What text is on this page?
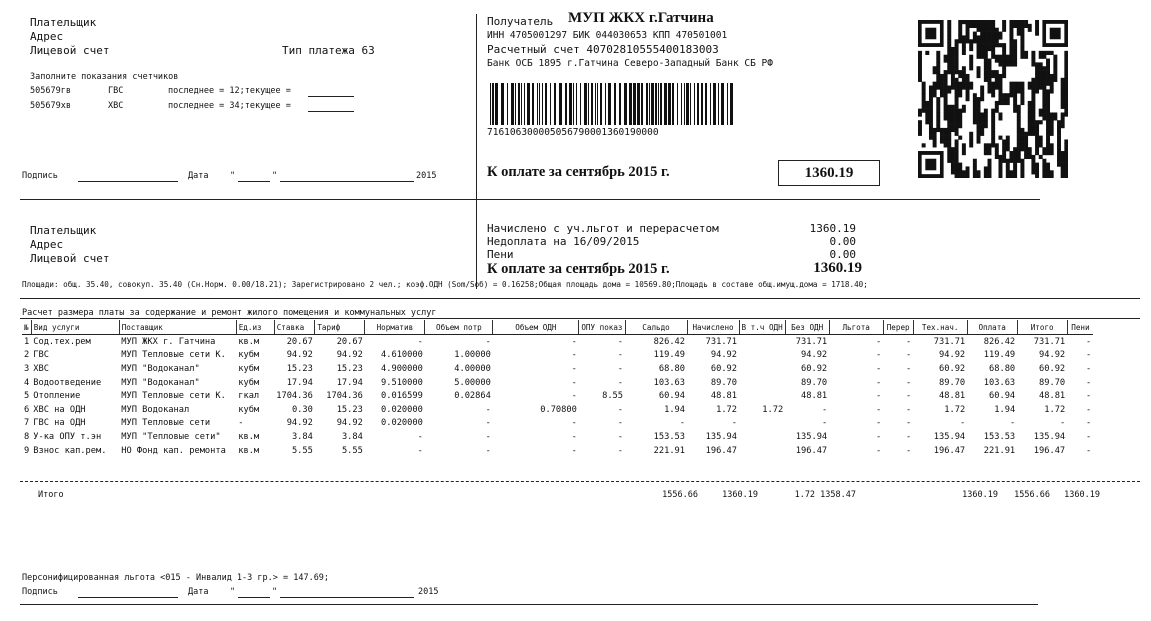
Плательщик
Адрес
Лицевой счет	Тип платежа 63
Заполните показания счетчиков
505679гв	ГВС	последнее = 12;текущее =
505679хв	ХВС	последнее = 34;текущее =
Подпись	Дата	"	"	2015
Получатель МУП ЖКХ г.Гатчина
ИНН 4705001297 БИК 044030653 КПП 470501001
Расчетный счет 40702810555400183003
Банк ОСБ 1895 г.Гатчина Северо-Западный Банк СБ РФ
716106300005056790001360190000
К оплате за сентябрь 2015 г.	1360.19
Плательщик
Адрес
Лицевой счет
Начислено с уч.льгот и перерасчетом	1360.19
Недоплата на 16/09/2015	0.00
Пени	0.00
К оплате за сентябрь 2015 г.	1360.19
Площади: общ. 35.40, совокуп. 35.40 (Сн.Норм. 0.00/18.21); Зарегистрировано 2 чел.; коэф.ОДН (Som/Soб) = 0.16258;Общая площадь дома = 10569.80;Площадь в составе общ.имущ.дома = 1718.40;
Расчет размера платы за содержание и ремонт жилого помещения и коммунальных услуг
№	Вид услуги	Поставщик	Ед.из	Ставка	Тариф	Норматив	Объем потр	Объем ОДН	ОПУ показ	Сальдо	Начислено	В т.ч ОДН	Без ОДН	Льгота	Перер	Тех.нач.	Оплата	Итого	Пени
1	Сод.тех.рем	МУП ЖКХ г. Гатчина	кв.м	20.67	20.67	-	-	-	-	826.42	731.71		731.71	-	-	731.71	826.42	731.71	-
2	ГВС	МУП Тепловые сети К.	кубм	94.92	94.92	4.610000	1.00000	-	-	119.49	94.92		94.92	-	-	94.92	119.49	94.92	-
3	ХВС	МУП "Водоканал"	кубм	15.23	15.23	4.900000	4.00000	-	-	68.80	60.92		60.92	-	-	60.92	68.80	60.92	-
4	Водоотведение	МУП "Водоканал"	кубм	17.94	17.94	9.510000	5.00000	-	-	103.63	89.70		89.70	-	-	89.70	103.63	89.70	-
5	Отопление	МУП Тепловые сети К.	гкал	1704.36	1704.36	0.016599	0.02864	-	8.55	60.94	48.81		48.81	-	-	48.81	60.94	48.81	-
6	ХВС на ОДН	МУП Водоканал	кубм	0.30	15.23	0.020000	-	0.70800	-	1.94	1.72	1.72	-	-	-	1.72	1.94	1.72	-
7	ГВС на ОДН	МУП Тепловые сети	-	94.92	94.92	0.020000	-	-	-	-	-		-	-	-	-	-	-	-
8	У-ка ОПУ т.эн	МУП "Тепловые сети"	кв.м	3.84	3.84	-	-	-	-	153.53	135.94		135.94	-	-	135.94	153.53	135.94	-
9	Взнос кап.рем.	НО Фонд кап. ремонта	кв.м	5.55	5.55	-	-	-	-	221.91	196.47		196.47	-	-	196.47	221.91	196.47	-
Итого	1556.66	1360.19	1.72 1358.47	1360.19	1556.66	1360.19
Персонифицированная льгота <015 - Инвалид 1-3 гр.> = 147.69;
Подпись	Дата	"	"	2015
